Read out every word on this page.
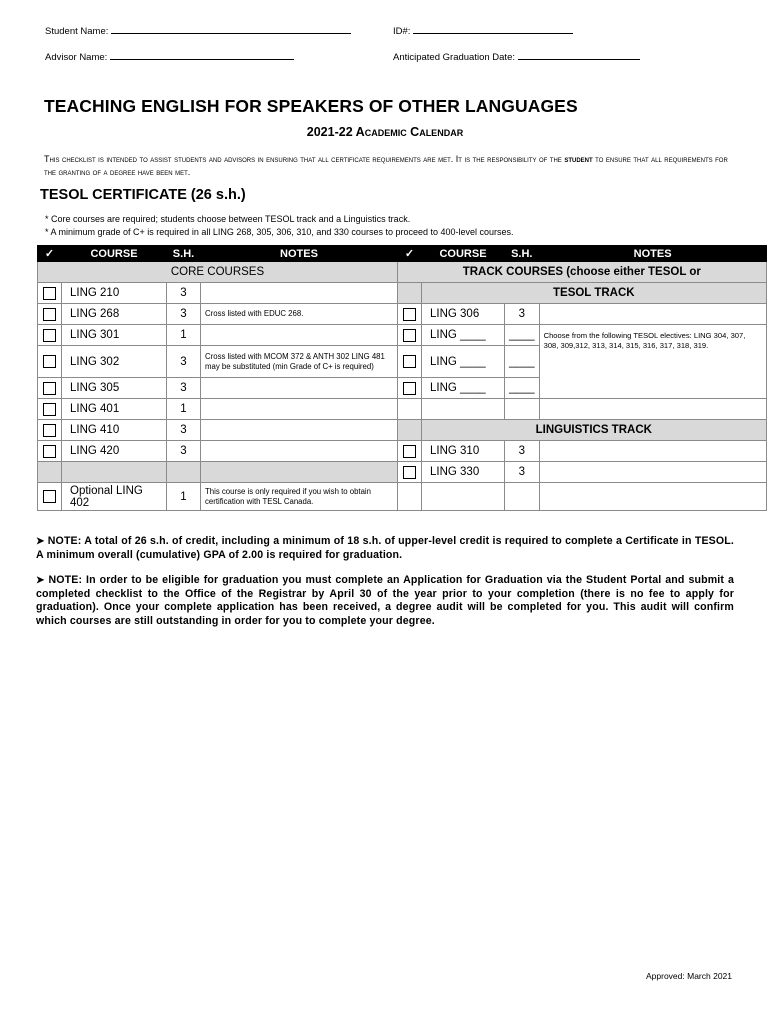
Student Name:	ID#:
Advisor Name:	Anticipated Graduation Date:
TEACHING ENGLISH FOR SPEAKERS OF OTHER LANGUAGES
2021-22 Academic Calendar
This checklist is intended to assist students and advisors in ensuring that all certificate requirements are met. It is the responsibility of the student to ensure that all requirements for the granting of a degree have been met.
TESOL CERTIFICATE (26 s.h.)
* Core courses are required; students choose between TESOL track and a Linguistics track.
* A minimum grade of C+ is required in all LING 268, 305, 306, 310, and 330 courses to proceed to 400-level courses.
✓	COURSE	S.H.	NOTES	✓	COURSE	S.H.	NOTES
CORE COURSES				TRACK COURSES (choose either TESOL or			
	LING 210	3			TESOL TRACK		
	LING 268	3	Cross listed with EDUC 268.		LING 306	3	
	LING 301	1			LING ____	____	Choose from the following TESOL electives: LING 304, 307, 308, 309,312, 313, 314, 315, 316, 317, 318, 319.
	LING 302	3	Cross listed with MCOM 372 & ANTH 302 LING 481 may be substituted (min Grade of C+ is required)		LING ____	____	
	LING 305	3			LING ____	____	
	LING 401	1					
	LING 410	3			LINGUISTICS TRACK		
	LING 420	3			LING 310	3	
					LING 330	3	
	Optional LING 402	1	This course is only required if you wish to obtain certification with TESL Canada.				
➤ NOTE: A total of 26 s.h. of credit, including a minimum of 18 s.h. of upper-level credit is required to complete a Certificate in TESOL. A minimum overall (cumulative) GPA of 2.00 is required for graduation.
➤ NOTE: In order to be eligible for graduation you must complete an Application for Graduation via the Student Portal and submit a completed checklist to the Office of the Registrar by April 30 of the year prior to your completion (there is no fee to apply for graduation). Once your complete application has been received, a degree audit will be completed for you. This audit will confirm which courses are still outstanding in order for you to complete your degree.
Approved: March 2021
